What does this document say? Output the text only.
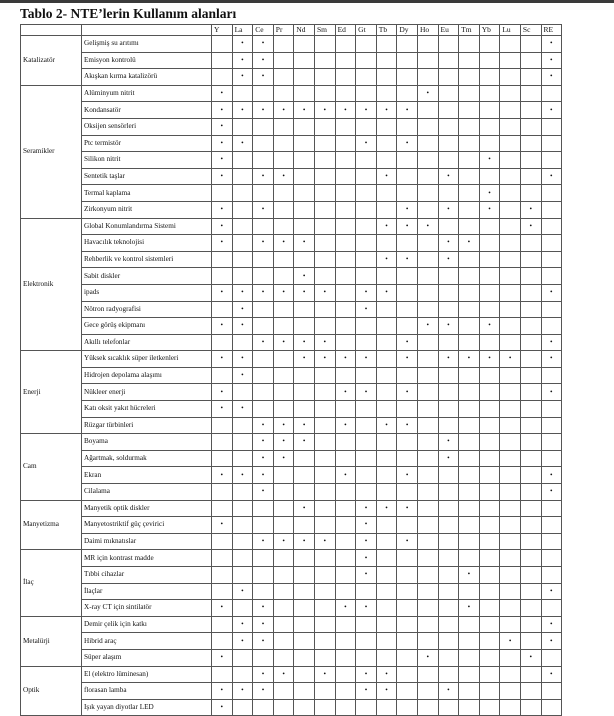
Tablo 2- NTE’lerin Kullanım alanları
		Y	La	Ce	Pr	Nd	Sm	Ed	Gt	Tb	Dy	Ho	Eu	Tm	Yb	Lu	Sc	RE
Katalizatör	Gelişmiş su arıtımı		•	•														•
	Emisyon kontrolü		•	•														•
	Akışkan kırma katalizörü		•	•														•
Seramikler	Alüminyum nitrit	•										•						
	Kondansatör	•	•	•	•	•	•	•	•	•	•							•
	Oksijen sensörleri	•																
	Ptc termistör	•	•						•		•							
	Silikon nitrit	•													•			
	Sentetik taşlar	•		•	•					•			•					•
	Termal kaplama														•			
	Zirkonyum nitrit	•		•							•		•		•		•	
Elektronik	Global Konumlandırma Sistemi	•								•	•	•					•	
	Havacılık teknolojisi	•		•	•	•							•	•				
	Rehberlik ve kontrol sistemleri									•	•		•					
	Sabit diskler					•												
	ipads	•	•	•	•	•	•		•	•								•
	Nötron radyografisi		•						•									
	Gece görüş ekipmanı	•	•									•	•		•			
	Akıllı telefonlar			•	•	•	•				•							•
Enerji	Yüksek sıcaklık süper iletkenleri	•	•			•	•	•	•		•		•	•	•	•		•
	Hidrojen depolama alaşımı		•															
	Nükleer enerji	•						•	•		•							•
	Katı oksit yakıt hücreleri	•	•															
	Rüzgar türbinleri			•	•	•		•		•	•							
Cam	Boyama			•	•	•							•					
	Ağartmak, soldurmak			•	•								•					
	Ekran	•	•	•				•			•							•
	Cilalama			•														•
Manyetizma	Manyetik optik diskler					•			•	•	•							
	Manyetostriktif güç çevirici	•							•									
	Daimi mıknatıslar			•	•	•	•		•		•							
İlaç	MR için kontrast madde								•									
	Tıbbi cihazlar								•					•				
	İlaçlar		•															•
	X-ray CT için sintilatör	•		•				•	•					•				
Metalürji	Demir çelik için katkı		•	•														•
	Hibrid araç		•	•												•		•
	Süper alaşım	•										•					•	
Optik	El (elektro lüminesan)			•	•		•		•	•								•
	florasan lamba	•	•	•					•	•			•					
	Işık yayan diyotlar LED	•																
